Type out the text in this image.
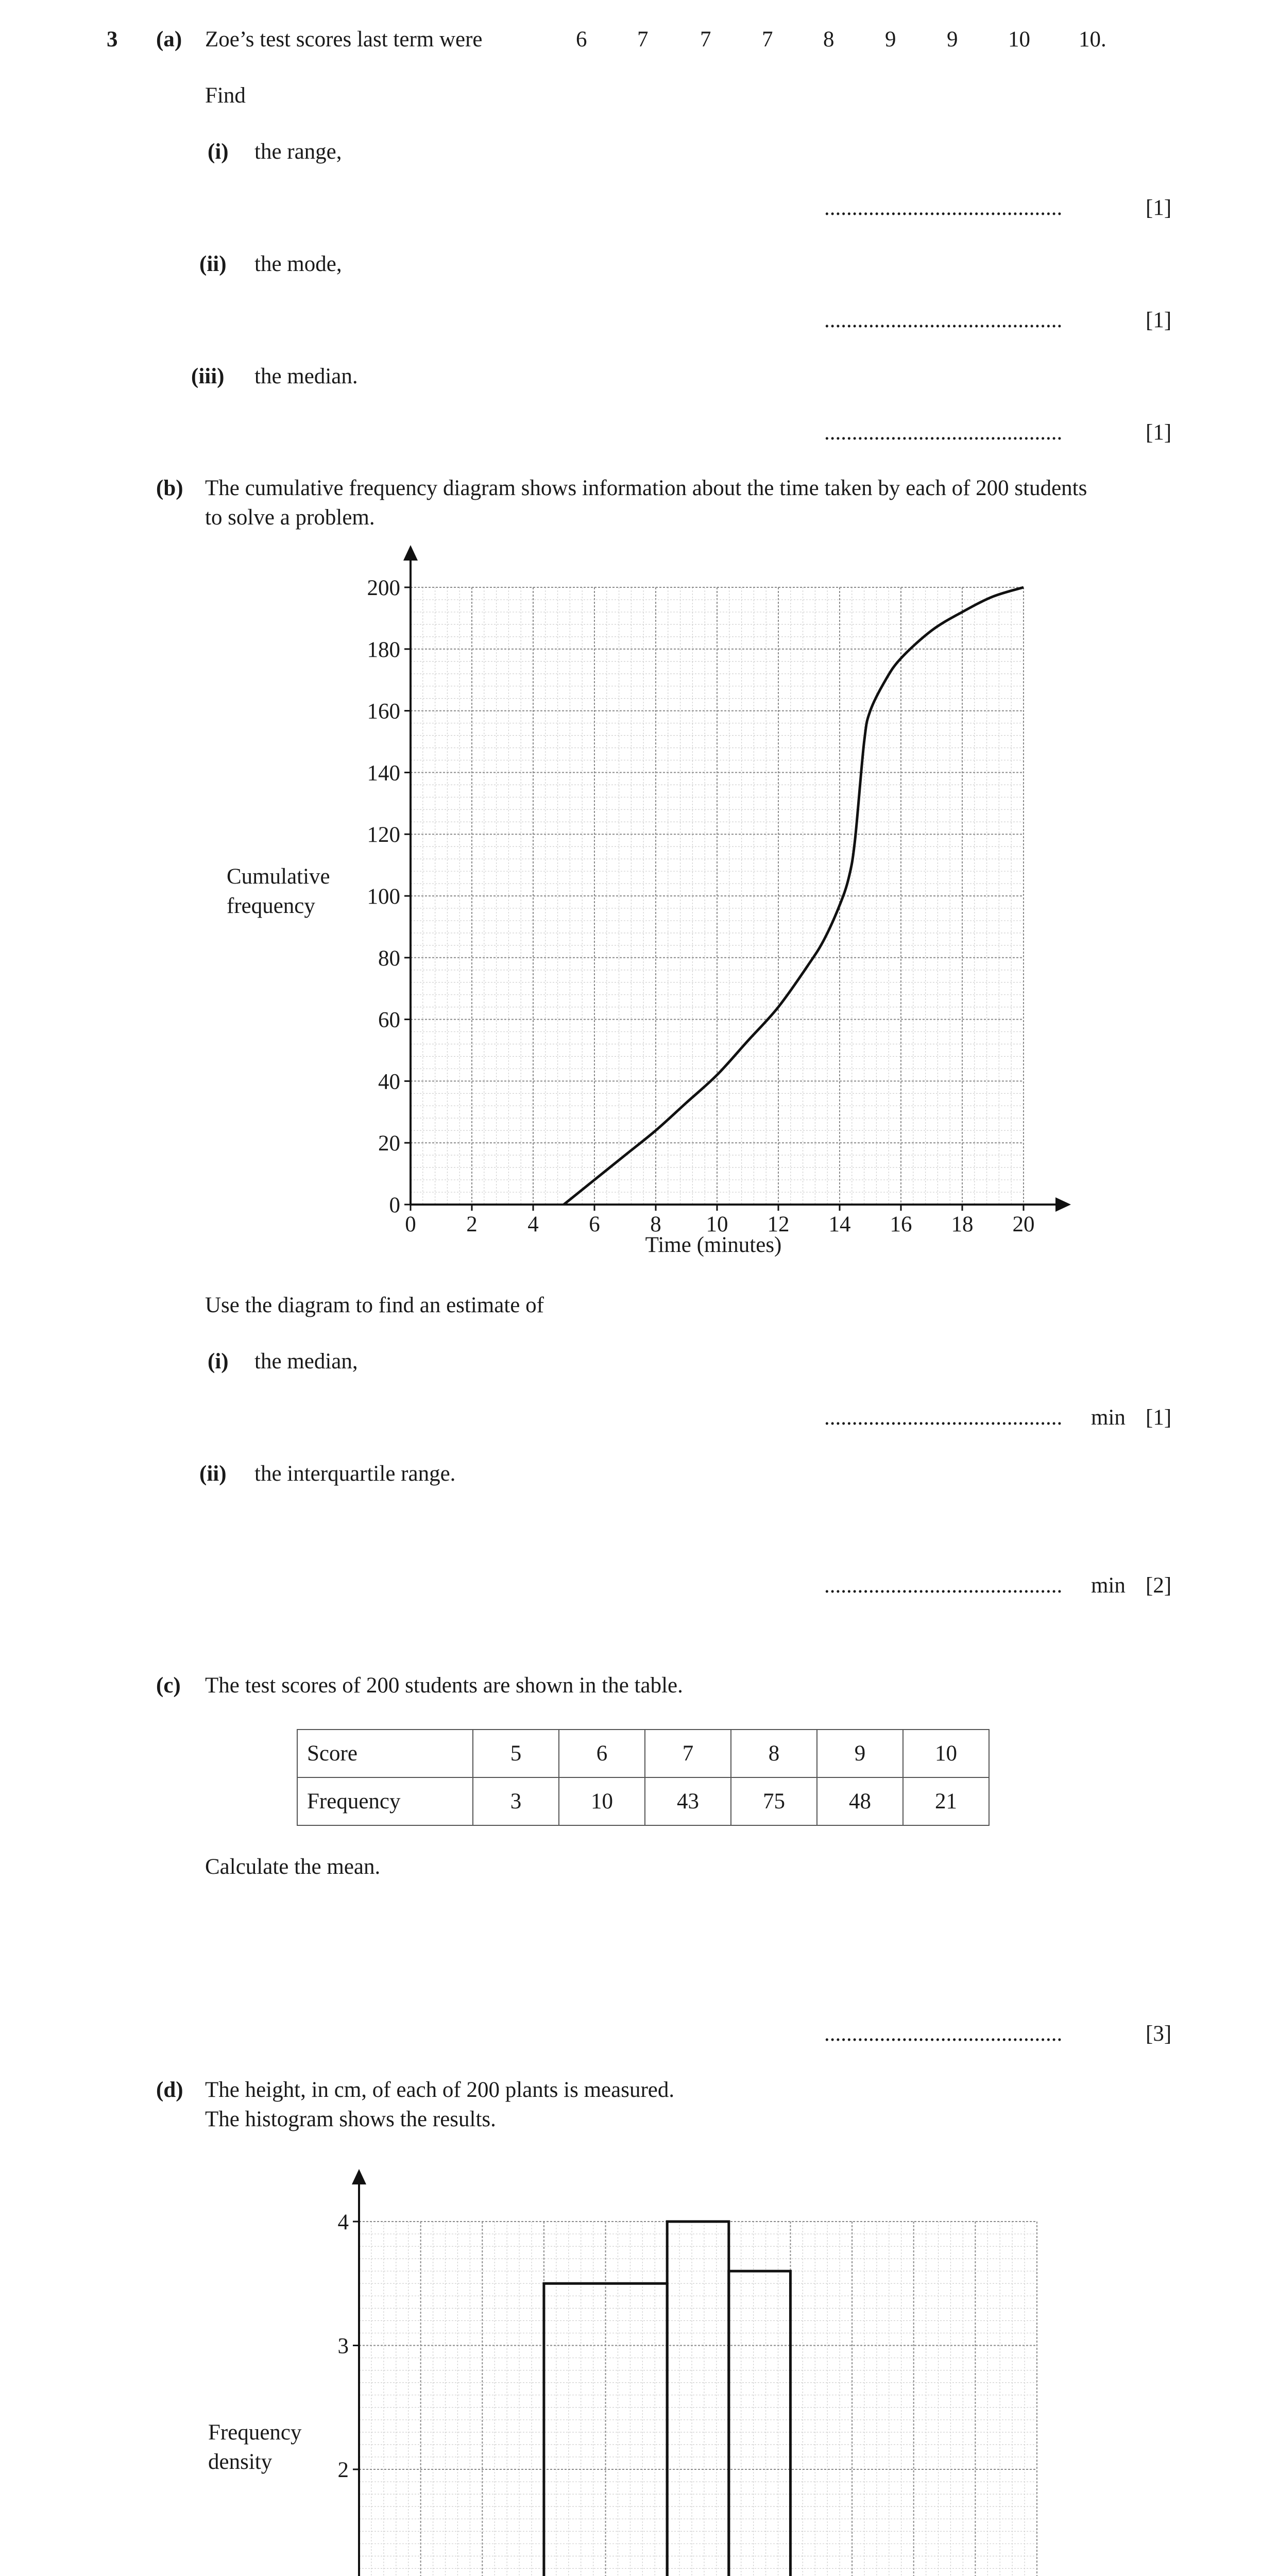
3 (a) Zoe’s test scores last term were	6 7 7 7 8 9 9 10 10.
Find
(i) the range,
...........................................	[1]
(ii) the mode,
...........................................	[1]
(iii) the median.
...........................................	[1]
(b) The cumulative frequency diagram shows information about the time taken by each of 200 students
to solve a problem.
0 2 4 6 8 10 12 14 16 18 20
0
20
40
60
80
100
120
140
160
180
200
Cumulative
frequency
Time (minutes)
Use the diagram to find an estimate of
(i) the median,
........................................... min [1]
(ii) the interquartile range.
........................................... min [2]
(c) The test scores of 200 students are shown in the table.
Score	5	6	7	8	9	10
Frequency	3	10	43	75	48	21
Calculate the mean.
...........................................	[3]
(d) The height, in cm, of each of 200 plants is measured.
The histogram shows the results.
2
3
4
Frequency
density
